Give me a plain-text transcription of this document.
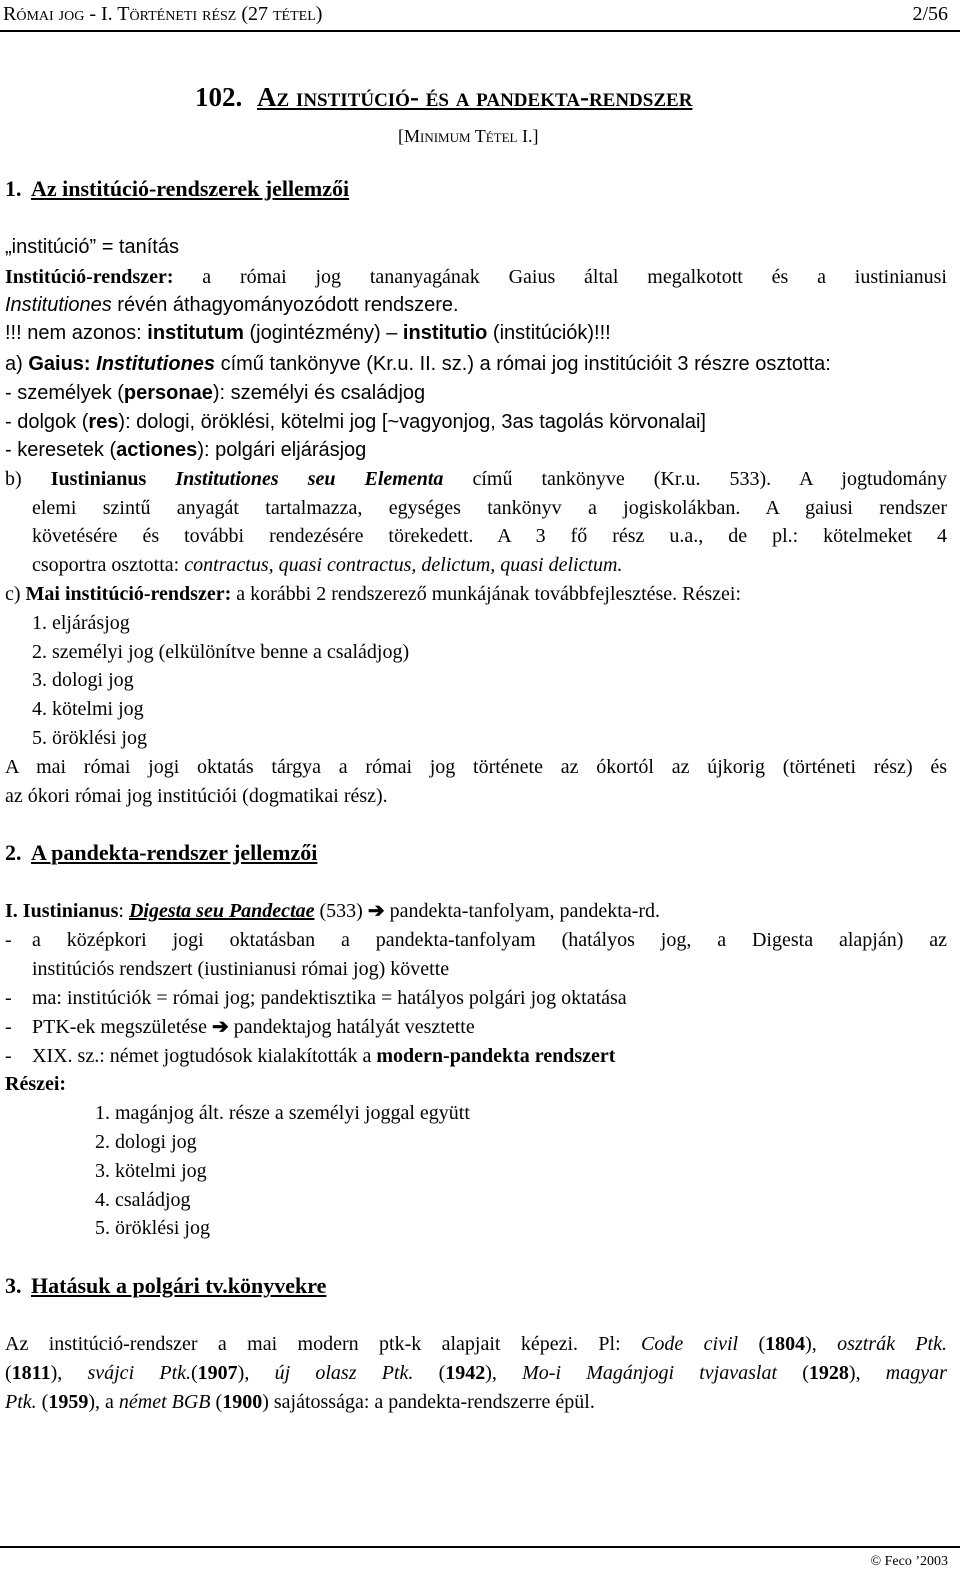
Római jog - I. Történeti rész (27 tétel)	2/56
102. Az institúció- és a pandekta-rendszer
[Minimum Tétel I.]
1. Az institúció-rendszerek jellemzői
„institúció” = tanítás
Institúció-rendszer: a római jog tananyagának Gaius által megalkotott és a iustinianusi
Institutiones révén áthagyományozódott rendszere.
!!! nem azonos: institutum (jogintézmény) – institutio (institúciók)!!!
a) Gaius: Institutiones című tankönyve (Kr.u. II. sz.) a római jog institúcióit 3 részre osztotta:
- személyek (personae): személyi és családjog
- dolgok (res): dologi, öröklési, kötelmi jog [~vagyonjog, 3as tagolás körvonalai]
- keresetek (actiones): polgári eljárásjog
b) Iustinianus Institutiones seu Elementa című tankönyve (Kr.u. 533). A jogtudomány
elemi szintű anyagát tartalmazza, egységes tankönyv a jogiskolákban. A gaiusi rendszer
követésére és további rendezésére törekedett. A 3 fő rész u.a., de pl.: kötelmeket 4
csoportra osztotta: contractus, quasi contractus, delictum, quasi delictum.
c) Mai institúció-rendszer: a korábbi 2 rendszerező munkájának továbbfejlesztése. Részei:
1. eljárásjog
2. személyi jog (elkülönítve benne a családjog)
3. dologi jog
4. kötelmi jog
5. öröklési jog
A mai római jogi oktatás tárgya a római jog története az ókortól az újkorig (történeti rész) és
az ókori római jog institúciói (dogmatikai rész).
2. A pandekta-rendszer jellemzői
I. Iustinianus: Digesta seu Pandectae (533) ➔ pandekta-tanfolyam, pandekta-rd.
- a középkori jogi oktatásban a pandekta-tanfolyam (hatályos jog, a Digesta alapján) az
institúciós rendszert (iustinianusi római jog) követte
- ma: institúciók = római jog; pandektisztika = hatályos polgári jog oktatása
- PTK-ek megszületése ➔ pandektajog hatályát vesztette
- XIX. sz.: német jogtudósok kialakították a modern-pandekta rendszert
Részei:
1. magánjog ált. része a személyi joggal együtt
2. dologi jog
3. kötelmi jog
4. családjog
5. öröklési jog
3. Hatásuk a polgári tv.könyvekre
Az institúció-rendszer a mai modern ptk-k alapjait képezi. Pl: Code civil (1804), osztrák Ptk.
(1811), svájci Ptk.(1907), új olasz Ptk. (1942), Mo-i Magánjogi tvjavaslat (1928), magyar
Ptk. (1959), a német BGB (1900) sajátossága: a pandekta-rendszerre épül.
© Feco ’2003
